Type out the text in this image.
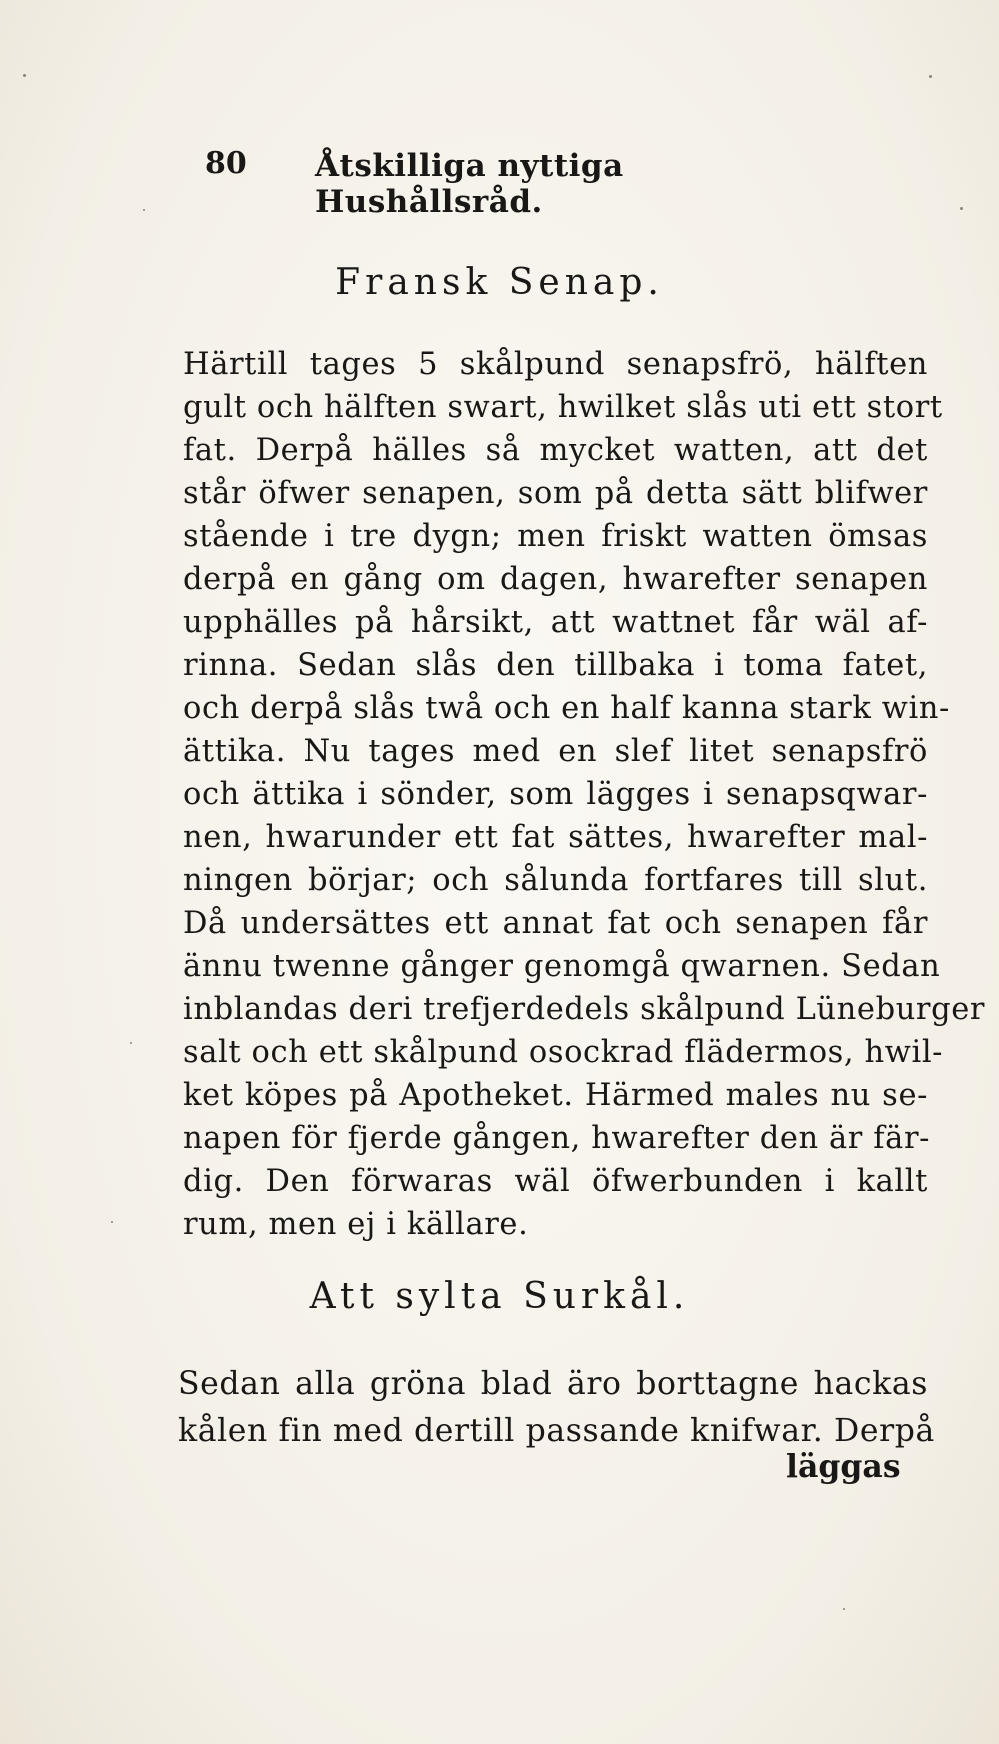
80 Åtskilliga nyttiga Hushållsråd.
Fransk Senap.
Härtill tages 5 skålpund senapsfrö, hälften
gult och hälften swart, hwilket slås uti ett stort
fat. Derpå hälles så mycket watten, att det
står öfwer senapen, som på detta sätt blifwer
stående i tre dygn; men friskt watten ömsas
derpå en gång om dagen, hwarefter senapen
upphälles på hårsikt, att wattnet får wäl af-
rinna. Sedan slås den tillbaka i toma fatet,
och derpå slås twå och en half kanna stark win-
ättika. Nu tages med en slef litet senapsfrö
och ättika i sönder, som lägges i senapsqwar-
nen, hwarunder ett fat sättes, hwarefter mal-
ningen börjar; och sålunda fortfares till slut.
Då undersättes ett annat fat och senapen får
ännu twenne gånger genomgå qwarnen. Sedan
inblandas deri trefjerdedels skålpund Lüneburger
salt och ett skålpund osockrad flädermos, hwil-
ket köpes på Apotheket. Härmed males nu se-
napen för fjerde gången, hwarefter den är fär-
dig. Den förwaras wäl öfwerbunden i kallt
rum, men ej i källare.
Att sylta Surkål.
Sedan alla gröna blad äro borttagne hackas
kålen fin med dertill passande knifwar. Derpå
läggas
